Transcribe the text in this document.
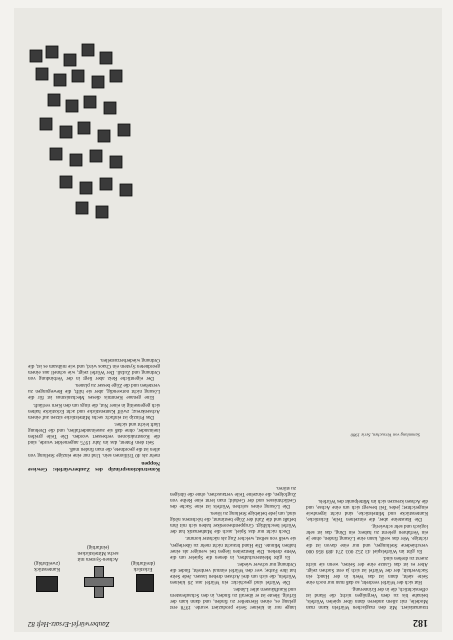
182
Zauberwürfel-Ersatz-Heft 82

traumatisiert. Mit den magischen Würfeln kann man Modelle, mit allem anderen dann über spielen Würfels, beinahe bis zu dem Vergnügen nicht; die Hand ist offensichtlich, die in der Erinnerung.

Hat sich der Würfel verdreht, so daß man nur noch eine Seite sieht, dann ist das Werk in der Hand; ein Sachverhalt, der der Würfel ist sich ja erst Sachen zeigt. Aber es ist das Ganze eine der Seiten, wenn sie nicht zuerst zu drehen sind.

Es gibt im Würfelspiel 43 252 003 274 489 856 000 verschiedene Stellungen, und nur eine davon ist die richtige. Wer das weiß, kann eine Lösung finden, ohne je ein Verfahren gelernt zu haben; ein Ding, das ist sehr logisch und sehr schwierig.

Die Bausteine aber, die einzelnen Teile, Eckstücke, Kantenstücke und Mittelstücke, sind nicht irgendwie eingerichtet; jedes Teil bewegt sich um eine Achse, und die Achsen kreuzen sich im Mittelpunkt des Würfels.

lange nur in kleiner Serie produziert wurde. 1978 erst gelang es, einen Hersteller zu finden, und dann kam der Erfolg. Heute ist er überall zu finden, in den Schaufenstern und Kaufhäusern aller Länder.

Die Würfel sind geschickt: ein Würfel aus 26 kleinen Würfeln, die sich um drei Achsen drehen lassen. Jede Seite hat ihre Farbe; wer den Würfel einmal verdreht, findet die Ordnung nur schwer wieder.

Es gibt Meisterschaften, in denen die Spieler um die Wette drehen. Die Bestzeiten liegen bei weniger als einer halben Minute. Die Hand braucht nicht mehr zu überlegen, sie weiß von selbst, welcher Zug als nächster kommt.

Doch nicht nur das Spiel, auch die Mathematik hat der Würfel beschäftigt. Gruppentheoretiker haben sich mit ihm befaßt und die Zahl der Züge bestimmt, die höchstens nötig sind, um jede beliebige Stellung zu lösen.

Die Lösung eines solchen Würfels ist eine Sache des Gedächtnisses und der Geduld; man lernt eine Reihe von Zugfolgen, die einzelne Teile vertauschen, ohne die übrigen zu stören.

Eckstück (dreifarbig)
Achsen-System mit sechs Mittelstücken (einfarbig)
Kantenstück (zweifarbig)
Konstruktionsprinzip des Zauberwürfels: Gewisse Noppen

mehr als 40 Trillionen sein. Und nur eine einzige Stellung von allen ist die geordnete, die man finden muß.

Seit dem Patent, das im Jahr 1975 angemeldet wurde, sind die Konstruktionen verbessert worden. Die Teile greifen ineinander, ohne daß sie auseinanderfallen, und die Drehung läuft leicht und sicher.

Das Prinzip ist einfach: sechs Mittelstücke sitzen auf einem Achsenkreuz; zwölf Kantenstücke und acht Eckstücke halten sich gegenseitig in einer Nut, die rings um den Kern verläuft.

Eine genaue Kenntnis dieses Mechanismus ist für die Lösung nicht notwendig, aber sie hilft, die Bewegungen zu verstehen und die Züge besser zu planen.

Der eigentliche Reiz aber liegt in der Verbindung von Ordnung und Zufall. Der Würfel zeigt, wie schnell aus einem geordneten System ein Chaos wird, und wie mühsam es ist, die Ordnung wiederherzustellen.

Sammlung von Versuchen, Serie 1980
